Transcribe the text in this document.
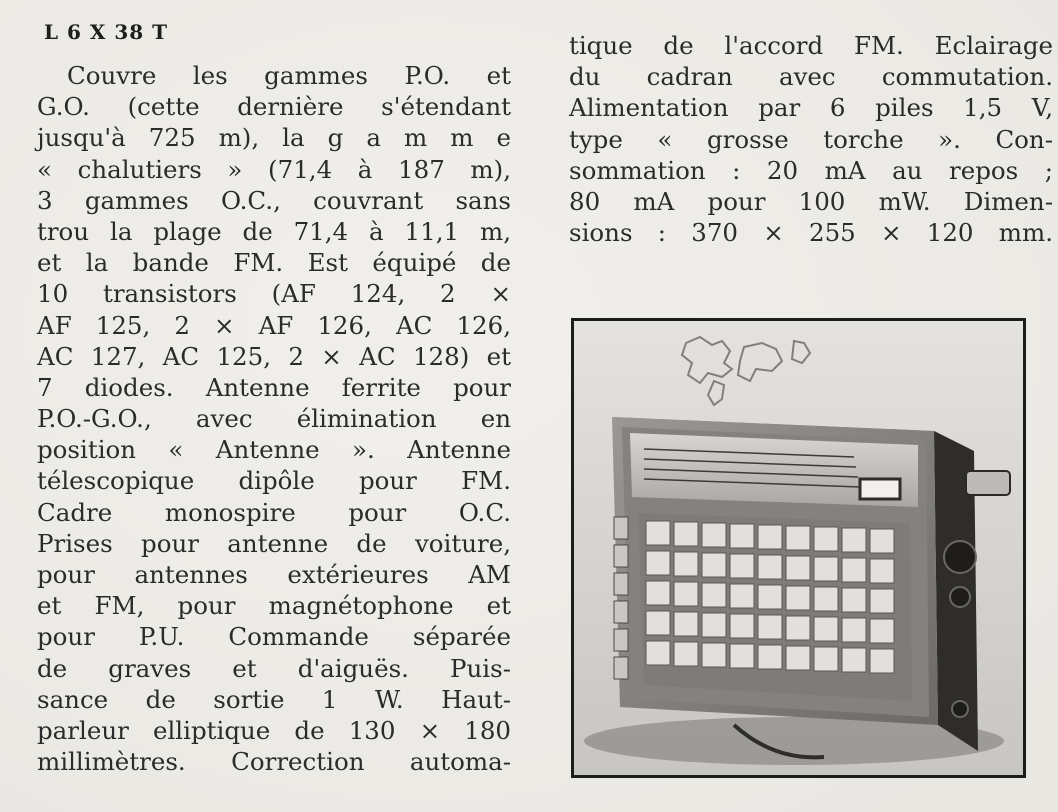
L 6 X 38 T
Couvre les gammes P.O. et
G.O. (cette dernière s'étendant
jusqu'à 725 m), la g a m m e
« chalutiers » (71,4 à 187 m),
3 gammes O.C., couvrant sans
trou la plage de 71,4 à 11,1 m,
et la bande FM. Est équipé de
10 transistors (AF 124, 2 ×
AF 125, 2 × AF 126, AC 126,
AC 127, AC 125, 2 × AC 128) et
7 diodes. Antenne ferrite pour
P.O.-G.O., avec élimination en
position « Antenne ». Antenne
télescopique dipôle pour FM.
Cadre monospire pour O.C.
Prises pour antenne de voiture,
pour antennes extérieures AM
et FM, pour magnétophone et
pour P.U. Commande séparée
de graves et d'aiguës. Puis-
sance de sortie 1 W. Haut-
parleur elliptique de 130 × 180
millimètres. Correction automa-
tique de l'accord FM. Eclairage
du cadran avec commutation.
Alimentation par 6 piles 1,5 V,
type « grosse torche ». Con-
sommation : 20 mA au repos ;
80 mA pour 100 mW. Dimen-
sions : 370 × 255 × 120 mm.
